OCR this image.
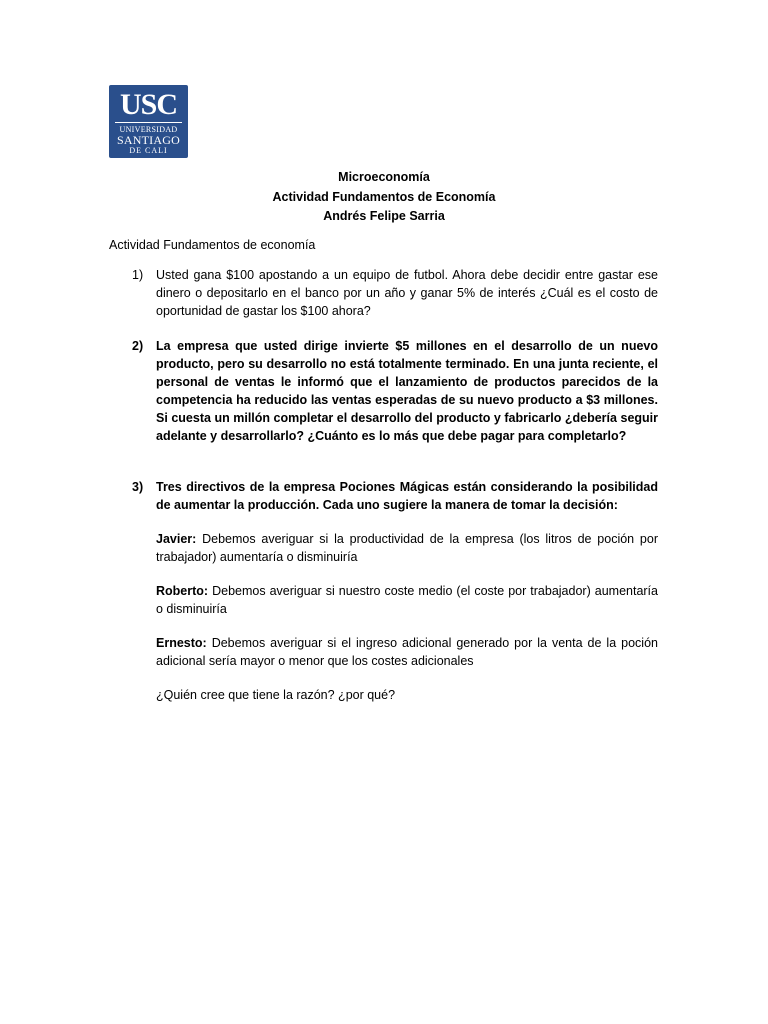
USC
UNIVERSIDAD
SANTIAGO
DE CALI
Microeconomía
Actividad Fundamentos de Economía
Andrés Felipe Sarria
Actividad Fundamentos de economía
1)	Usted gana $100 apostando a un equipo de futbol. Ahora debe decidir entre gastar ese dinero o depositarlo en el banco por un año y ganar 5% de interés ¿Cuál es el costo de oportunidad de gastar los $100 ahora?

2)	La empresa que usted dirige invierte $5 millones en el desarrollo de un nuevo producto, pero su desarrollo no está totalmente terminado. En una junta reciente, el personal de ventas le informó que el lanzamiento de productos parecidos de la competencia ha reducido las ventas esperadas de su nuevo producto a $3 millones. Si cuesta un millón completar el desarrollo del producto y fabricarlo ¿debería seguir adelante y desarrollarlo? ¿Cuánto es lo más que debe pagar para completarlo?

3)	Tres directivos de la empresa Pociones Mágicas están considerando la posibilidad de aumentar la producción. Cada uno sugiere la manera de tomar la decisión:

Javier: Debemos averiguar si la productividad de la empresa (los litros de poción por trabajador) aumentaría o disminuiría

Roberto: Debemos averiguar si nuestro coste medio (el coste por trabajador) aumentaría o disminuiría

Ernesto: Debemos averiguar si el ingreso adicional generado por la venta de la poción adicional sería mayor o menor que los costes adicionales

¿Quién cree que tiene la razón? ¿por qué?
